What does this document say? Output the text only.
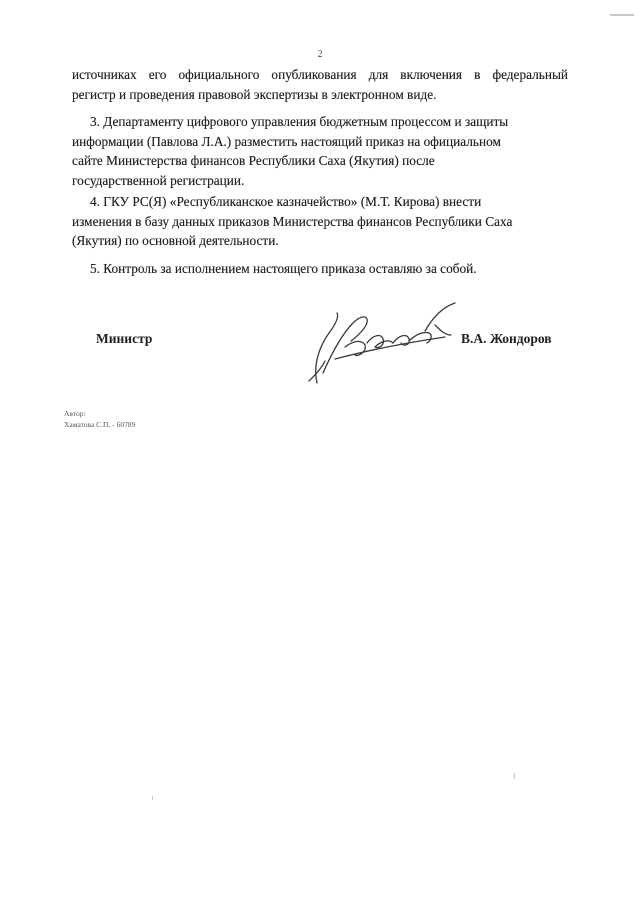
2
источниках его официального опубликования для включения в федеральный
регистр и проведения правовой экспертизы в электронном виде.
3. Департаменту цифрового управления бюджетным процессом и защиты
информации (Павлова Л.А.) разместить настоящий приказ на официальном
сайте Министерства финансов Республики Саха (Якутия) после
государственной регистрации.
4. ГКУ РС(Я) «Республиканское казначейство» (М.Т. Кирова) внести
изменения в базу данных приказов Министерства финансов Республики Саха
(Якутия) по основной деятельности.
5. Контроль за исполнением настоящего приказа оставляю за собой.
Министр	В.А. Жондоров
Автор:
Хаматова С.П. - 60789
